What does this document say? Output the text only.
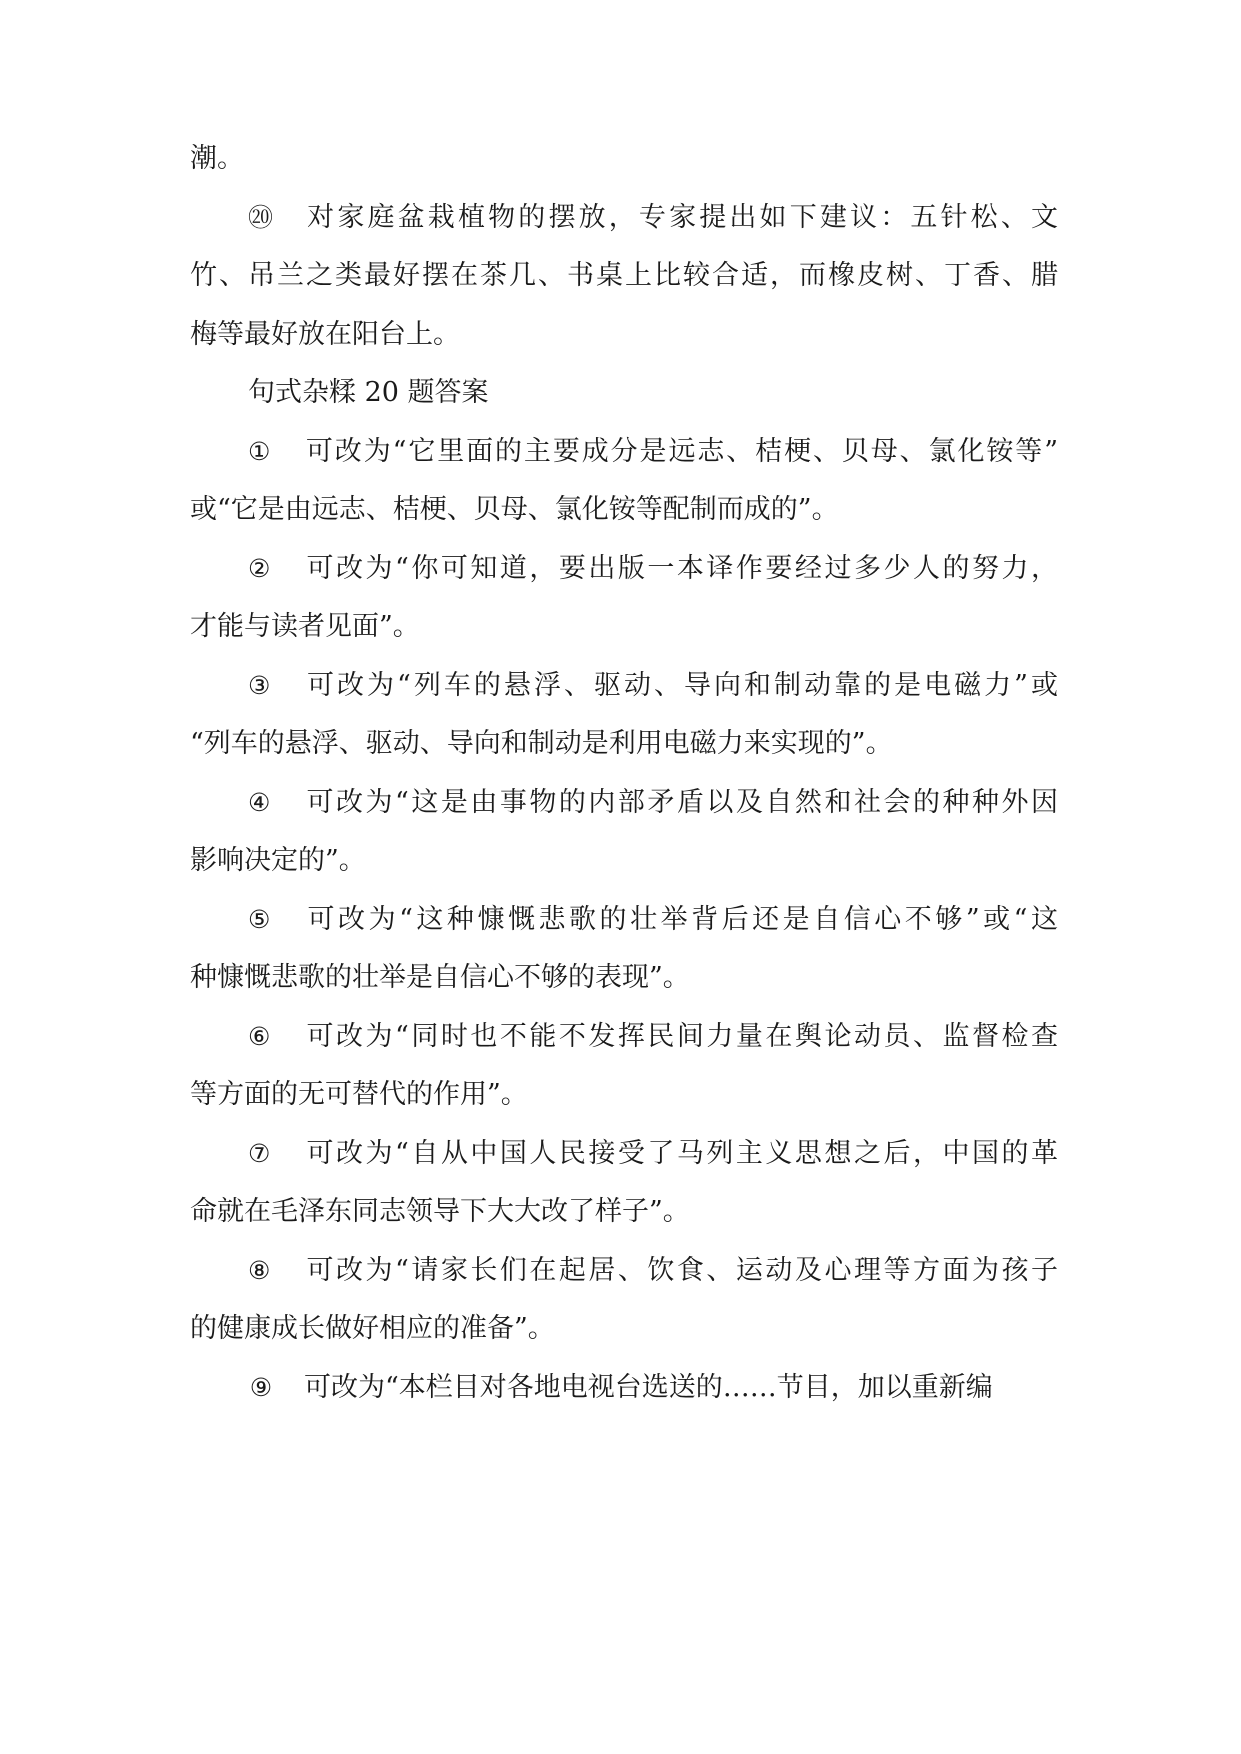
潮。
⑳ 对家庭盆栽植物的摆放，专家提出如下建议：五针松、文
竹、吊兰之类最好摆在茶几、书桌上比较合适，而橡皮树、丁香、腊
梅等最好放在阳台上。
句式杂糅 20 题答案
① 可改为“它里面的主要成分是远志、桔梗、贝母、氯化铵等”
或“它是由远志、桔梗、贝母、氯化铵等配制而成的”。
② 可改为“你可知道，要出版一本译作要经过多少人的努力，
才能与读者见面”。
③ 可改为“列车的悬浮、驱动、导向和制动靠的是电磁力”或
“列车的悬浮、驱动、导向和制动是利用电磁力来实现的”。
④ 可改为“这是由事物的内部矛盾以及自然和社会的种种外因
影响决定的”。
⑤ 可改为“这种慷慨悲歌的壮举背后还是自信心不够”或“这
种慷慨悲歌的壮举是自信心不够的表现”。
⑥ 可改为“同时也不能不发挥民间力量在舆论动员、监督检查
等方面的无可替代的作用”。
⑦ 可改为“自从中国人民接受了马列主义思想之后，中国的革
命就在毛泽东同志领导下大大改了样子”。
⑧ 可改为“请家长们在起居、饮食、运动及心理等方面为孩子
的健康成长做好相应的准备”。
⑨ 可改为“本栏目对各地电视台选送的……节目，加以重新编
